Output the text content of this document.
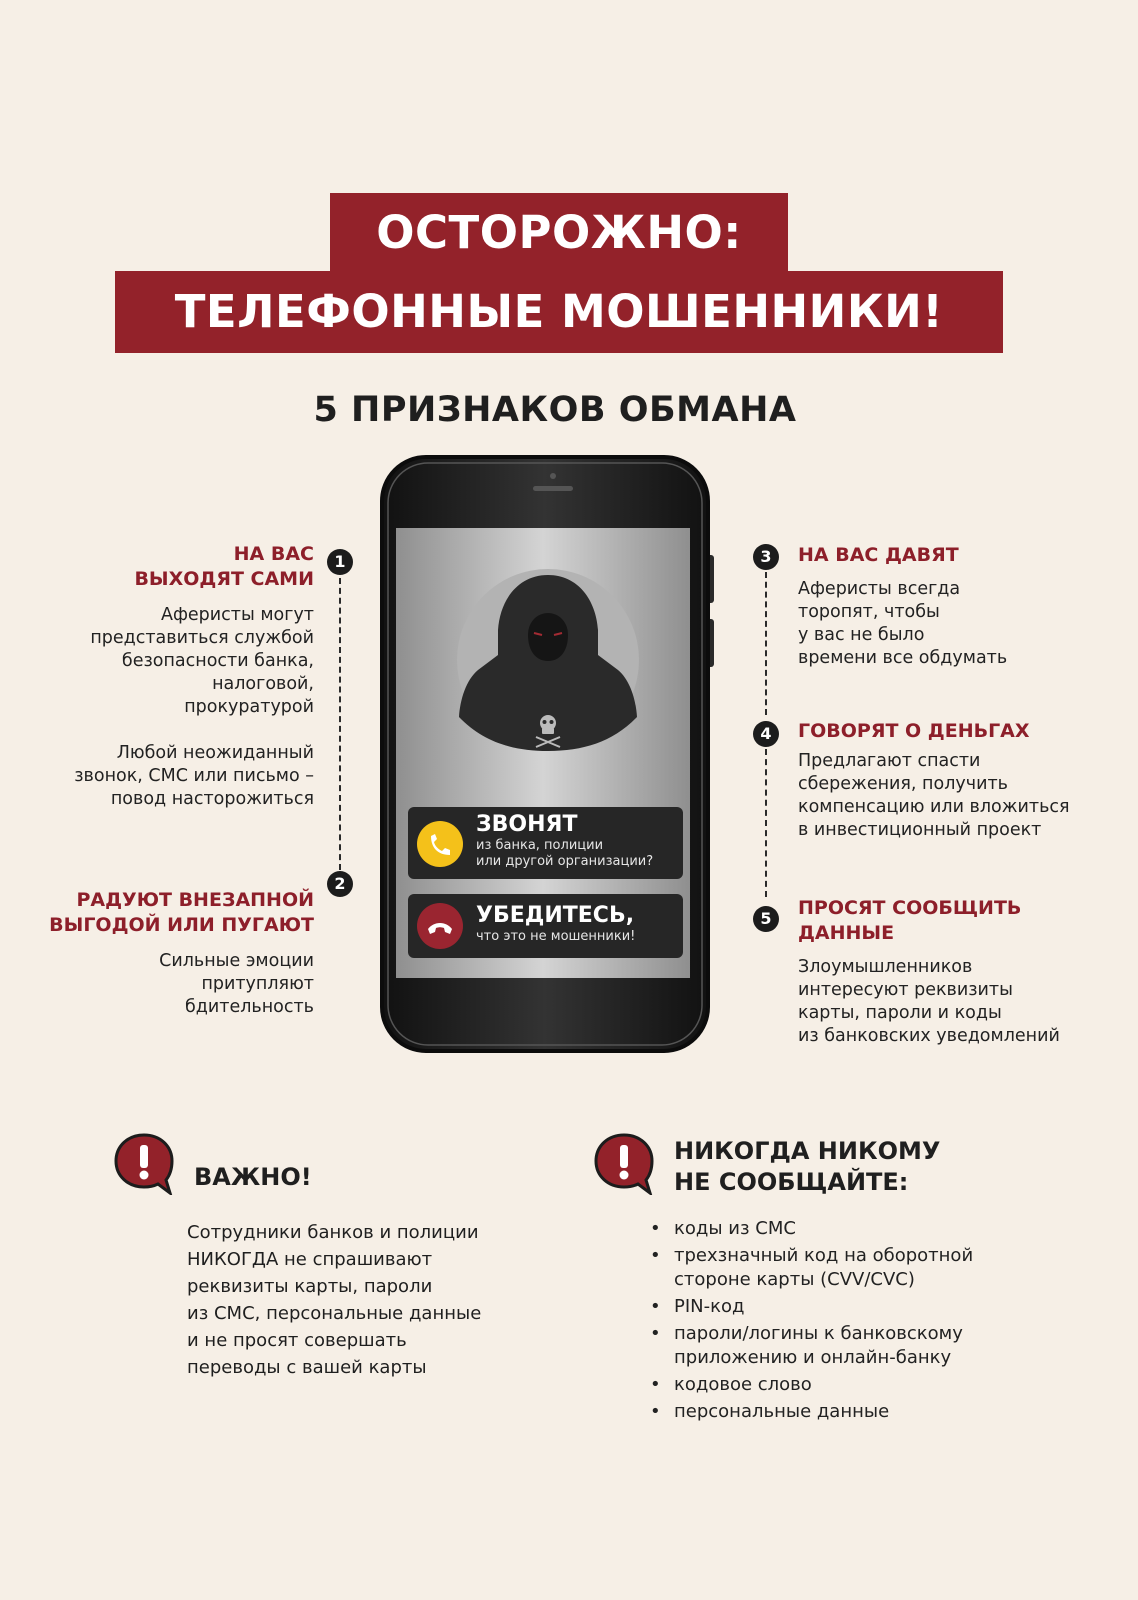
ОСТОРОЖНО:
ТЕЛЕФОННЫЕ МОШЕННИКИ!
5 ПРИЗНАКОВ ОБМАНА
ЗВОНЯТ
из банка, полиции
или другой организации?
УБЕДИТЕСЬ,
что это не мошенники!
1
НА ВАС
ВЫХОДЯТ САМИ
Аферисты могут
представиться службой
безопасности банка,
налоговой,
прокуратурой
Любой неожиданный
звонок, СМС или письмо –
повод насторожиться
2
РАДУЮТ ВНЕЗАПНОЙ
ВЫГОДОЙ ИЛИ ПУГАЮТ
Сильные эмоции
притупляют
бдительность
3	НА ВАС ДАВЯТ
Аферисты всегда
торопят, чтобы
у вас не было
времени все обдумать
4	ГОВОРЯТ О ДЕНЬГАХ
Предлагают спасти
сбережения, получить
компенсацию или вложиться
в инвестиционный проект
5	ПРОСЯТ СООБЩИТЬ
ДАННЫЕ
Злоумышленников
интересуют реквизиты
карты, пароли и коды
из банковских уведомлений
ВАЖНО!
Сотрудники банков и полиции
НИКОГДА не спрашивают
реквизиты карты, пароли
из СМС, персональные данные
и не просят совершать
переводы с вашей карты
НИКОГДА НИКОМУ
НЕ СООБЩАЙТЕ:
• коды из СМС
• трехзначный код на оборотной
стороне карты (CVV/CVC)
• PIN-код
• пароли/логины к банковскому
приложению и онлайн-банку
• кодовое слово
• персональные данные
